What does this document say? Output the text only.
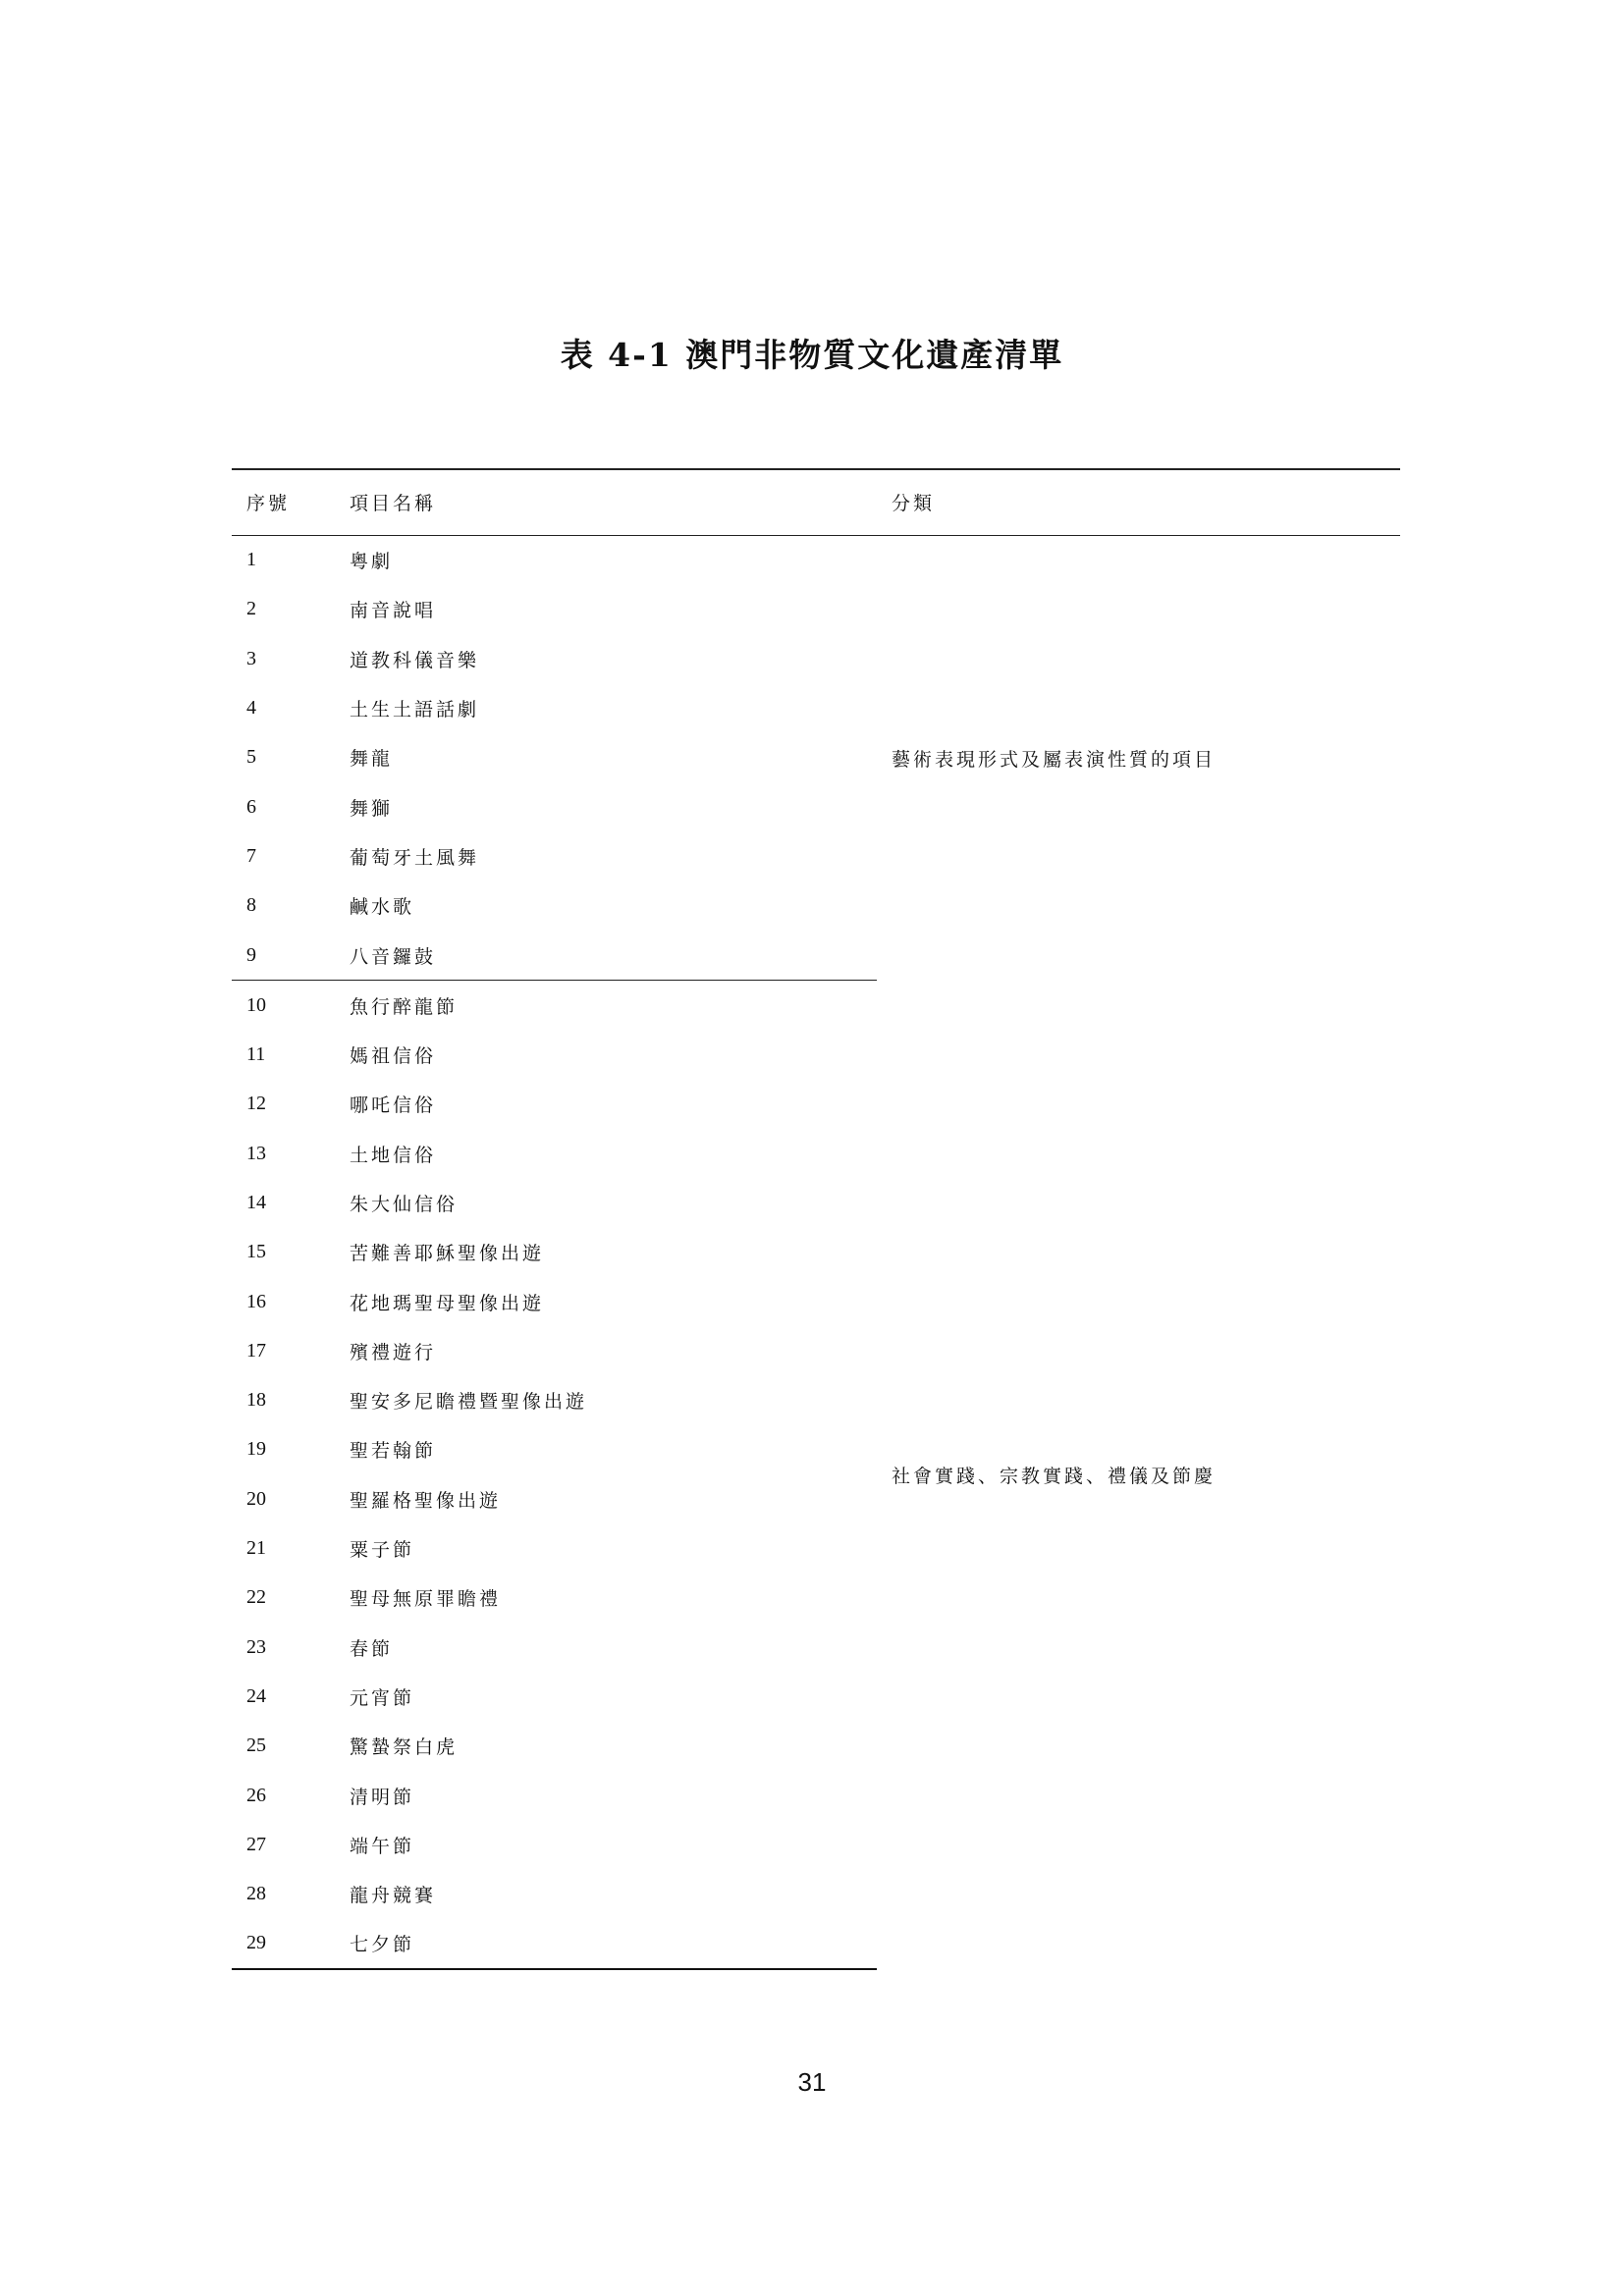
表 4-1 澳門非物質文化遺產清單
序號	項目名稱	分類
1	粵劇	藝術表現形式及屬表演性質的項目
2	南音說唱	
3	道教科儀音樂	
4	土生土語話劇	
5	舞龍	
6	舞獅	
7	葡萄牙土風舞	
8	鹹水歌	
9	八音鑼鼓	
10	魚行醉龍節	社會實踐、宗教實踐、禮儀及節慶
11	媽祖信俗	
12	哪吒信俗	
13	土地信俗	
14	朱大仙信俗	
15	苦難善耶穌聖像出遊	
16	花地瑪聖母聖像出遊	
17	殯禮遊行	
18	聖安多尼瞻禮暨聖像出遊	
19	聖若翰節	
20	聖羅格聖像出遊	
21	粟子節	
22	聖母無原罪瞻禮	
23	春節	
24	元宵節	
25	驚蟄祭白虎	
26	清明節	
27	端午節	
28	龍舟競賽	
29	七夕節	
31
